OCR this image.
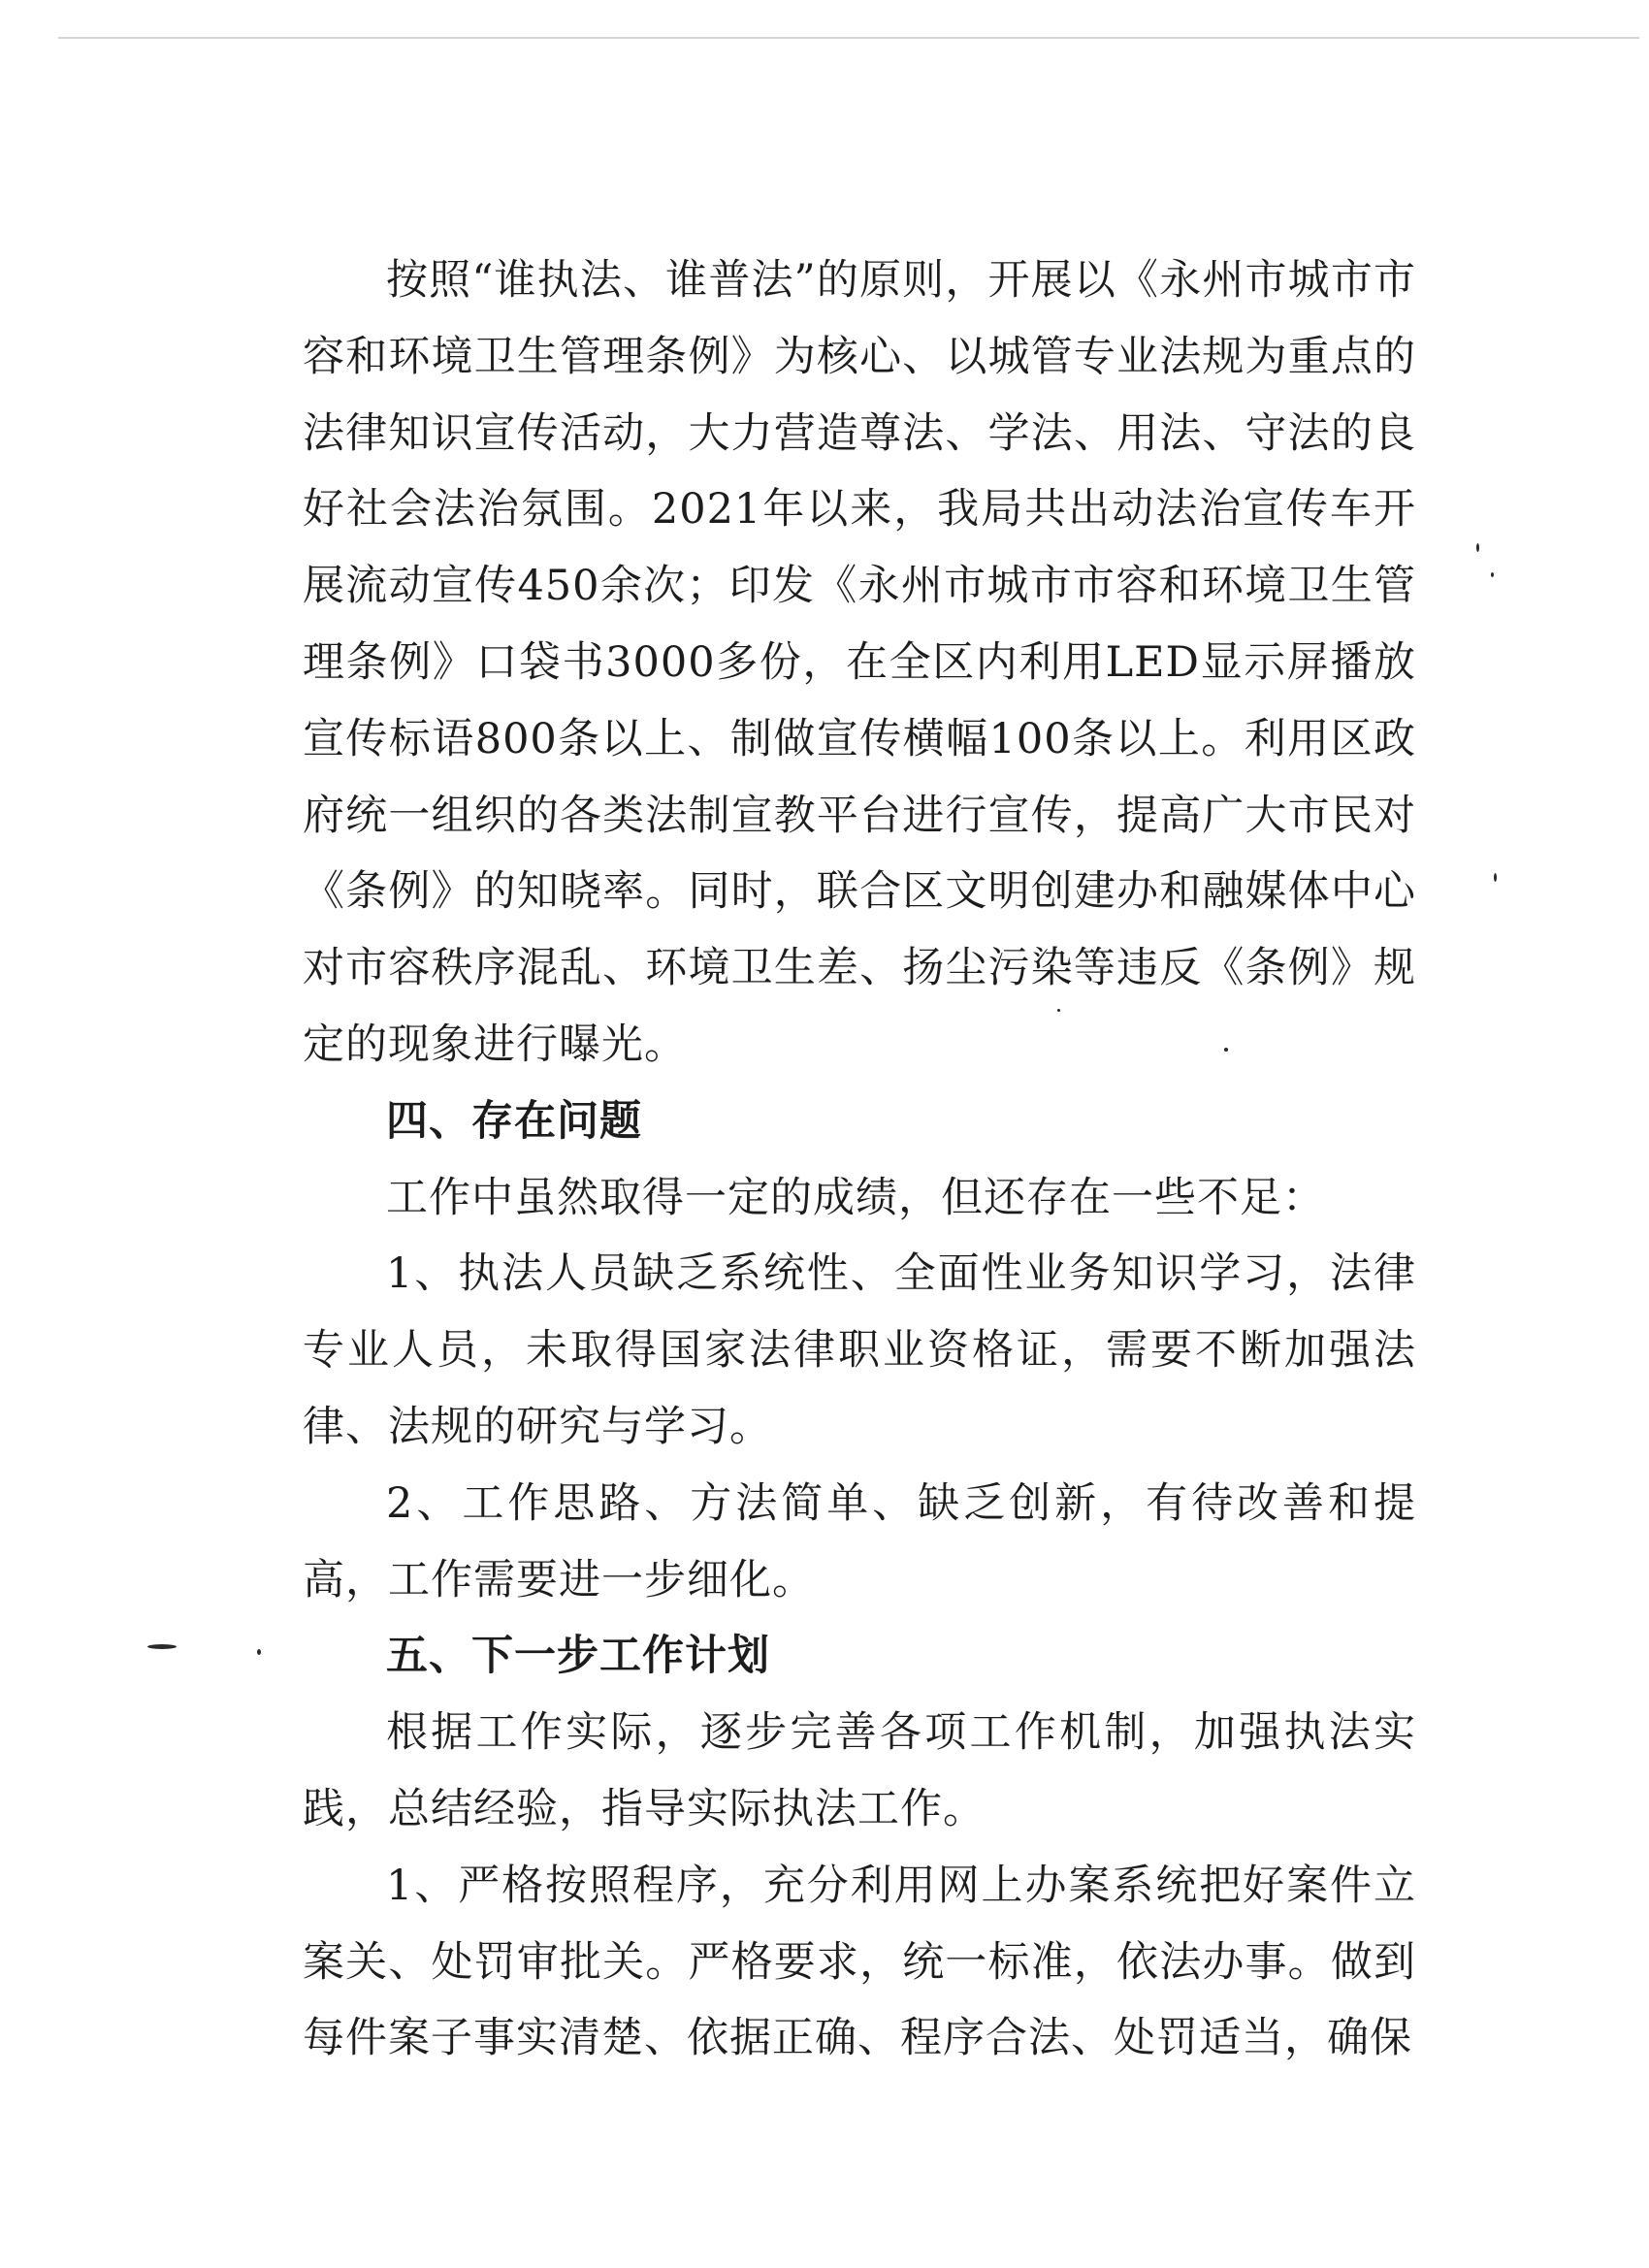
按照“谁执法、谁普法”的原则，开展以《永州市城市市容和环境卫生管理条例》为核心、以城管专业法规为重点的法律知识宣传活动，大力营造尊法、学法、用法、守法的良好社会法治氛围。2021年以来，我局共出动法治宣传车开展流动宣传450余次；印发《永州市城市市容和环境卫生管理条例》口袋书3000多份，在全区内利用LED显示屏播放宣传标语800条以上、制做宣传横幅100条以上。利用区政府统一组织的各类法制宣教平台进行宣传，提高广大市民对《条例》的知晓率。同时，联合区文明创建办和融媒体中心对市容秩序混乱、环境卫生差、扬尘污染等违反《条例》规定的现象进行曝光。

四、存在问题

工作中虽然取得一定的成绩，但还存在一些不足：

1、执法人员缺乏系统性、全面性业务知识学习，法律专业人员，未取得国家法律职业资格证，需要不断加强法律、法规的研究与学习。

2、工作思路、方法简单、缺乏创新，有待改善和提高，工作需要进一步细化。

五、下一步工作计划

根据工作实际，逐步完善各项工作机制，加强执法实践，总结经验，指导实际执法工作。

1、严格按照程序，充分利用网上办案系统把好案件立案关、处罚审批关。严格要求，统一标准，依法办事。做到每件案子事实清楚、依据正确、程序合法、处罚适当，确保
